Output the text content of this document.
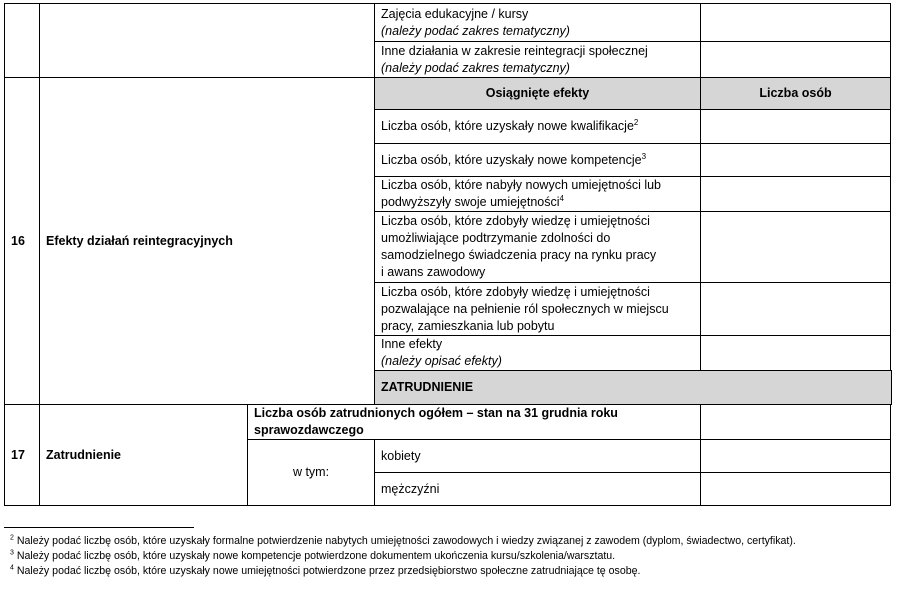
			Zajęcia edukacyjne / kursy
(należy podać zakres tematyczny)	

			Inne działania w zakresie reintegracji społecznej
(należy podać zakres tematyczny)	

16	Efekty działań reintegracyjnych		Osiągnięte efekty	Liczba osób
			Liczba osób, które uzyskały nowe kwalifikacje$^2$	
			Liczba osób, które uzyskały nowe kompetencje$^3$	

			Liczba osób, które nabyły nowych umiejętności lub
podwyższyły swoje umiejętności$^4$

			Liczba osób, które zdobyły wiedzę i umiejętności
umożliwiające podtrzymanie zdolności do
samodzielnego świadczenia pracy na rynku pracy
i awans zawodowy	

			Liczba osób, które zdobyły wiedzę i umiejętności
pozwalające na pełnienie ról społecznych w miejscu
pracy, zamieszkania lub pobytu	

			Inne efekty
(należy opisać efekty)	

			ZATRUDNIENIE	
17	Zatrudnienie	Liczba osób zatrudnionych ogółem – stan na 31 grudnia roku
sprawozdawczego		

		w tym:	kobiety	
			mężczyźni	
$^2$ Należy podać liczbę osób, które uzyskały formalne potwierdzenie nabytych umiejętności zawodowych i wiedzy związanej z zawodem (dyplom, świadectwo, certyfikat).
$^3$ Należy podać liczbę osób, które uzyskały nowe kompetencje potwierdzone dokumentem ukończenia kursu/szkolenia/warsztatu.
$^4$ Należy podać liczbę osób, które uzyskały nowe umiejętności potwierdzone przez przedsiębiorstwo społeczne zatrudniające tę osobę.
